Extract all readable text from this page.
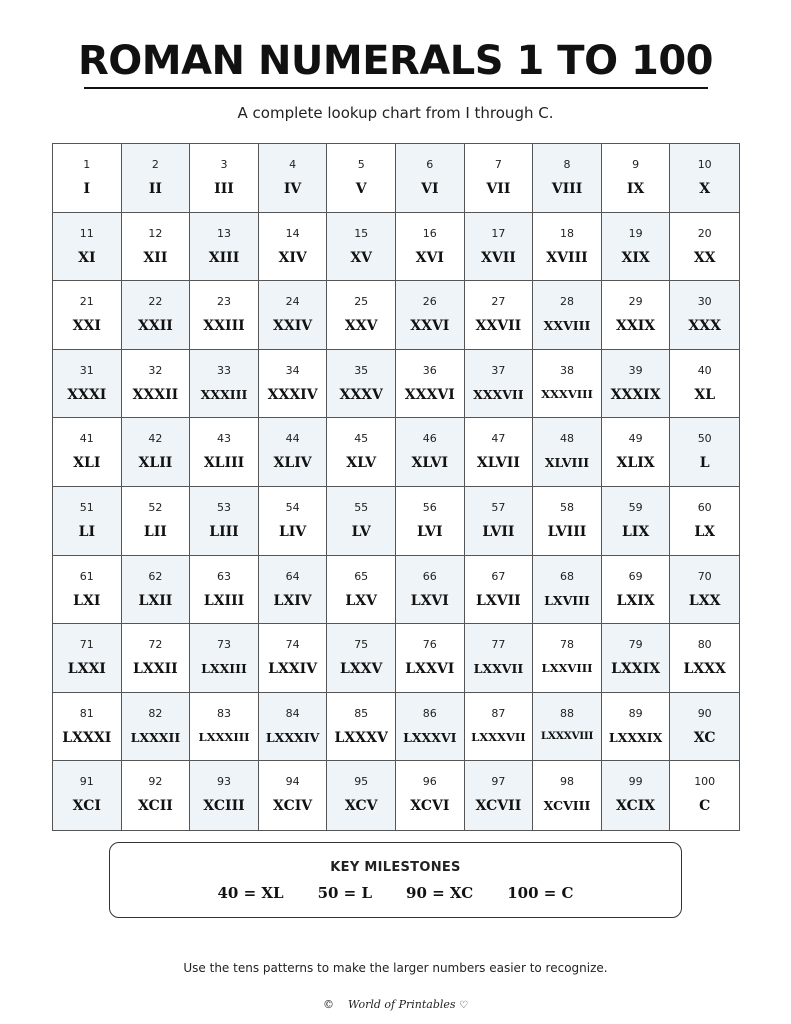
ROMAN NUMERALS 1 TO 100
A complete lookup chart from I through C.
1
I
2
II
3
III
4
IV
5
V
6
VI
7
VII
8
VIII
9
IX
10
X
11
XI
12
XII
13
XIII
14
XIV
15
XV
16
XVI
17
XVII
18
XVIII
19
XIX
20
XX
21
XXI
22
XXII
23
XXIII
24
XXIV
25
XXV
26
XXVI
27
XXVII
28
XXVIII
29
XXIX
30
XXX
31
XXXI
32
XXXII
33
XXXIII
34
XXXIV
35
XXXV
36
XXXVI
37
XXXVII
38
XXXVIII
39
XXXIX
40
XL
41
XLI
42
XLII
43
XLIII
44
XLIV
45
XLV
46
XLVI
47
XLVII
48
XLVIII
49
XLIX
50
L
51
LI
52
LII
53
LIII
54
LIV
55
LV
56
LVI
57
LVII
58
LVIII
59
LIX
60
LX
61
LXI
62
LXII
63
LXIII
64
LXIV
65
LXV
66
LXVI
67
LXVII
68
LXVIII
69
LXIX
70
LXX
71
LXXI
72
LXXII
73
LXXIII
74
LXXIV
75
LXXV
76
LXXVI
77
LXXVII
78
LXXVIII
79
LXXIX
80
LXXX
81
LXXXI
82
LXXXII
83
LXXXIII
84
LXXXIV
85
LXXXV
86
LXXXVI
87
LXXXVII
88
LXXXVIII
89
LXXXIX
90
XC
91
XCI
92
XCII
93
XCIII
94
XCIV
95
XCV
96
XCVI
97
XCVII
98
XCVIII
99
XCIX
100
C
KEY MILESTONES
40 = XL 50 = L 90 = XC 100 = C
Use the tens patterns to make the larger numbers easier to recognize.
© World of Printables ♡
